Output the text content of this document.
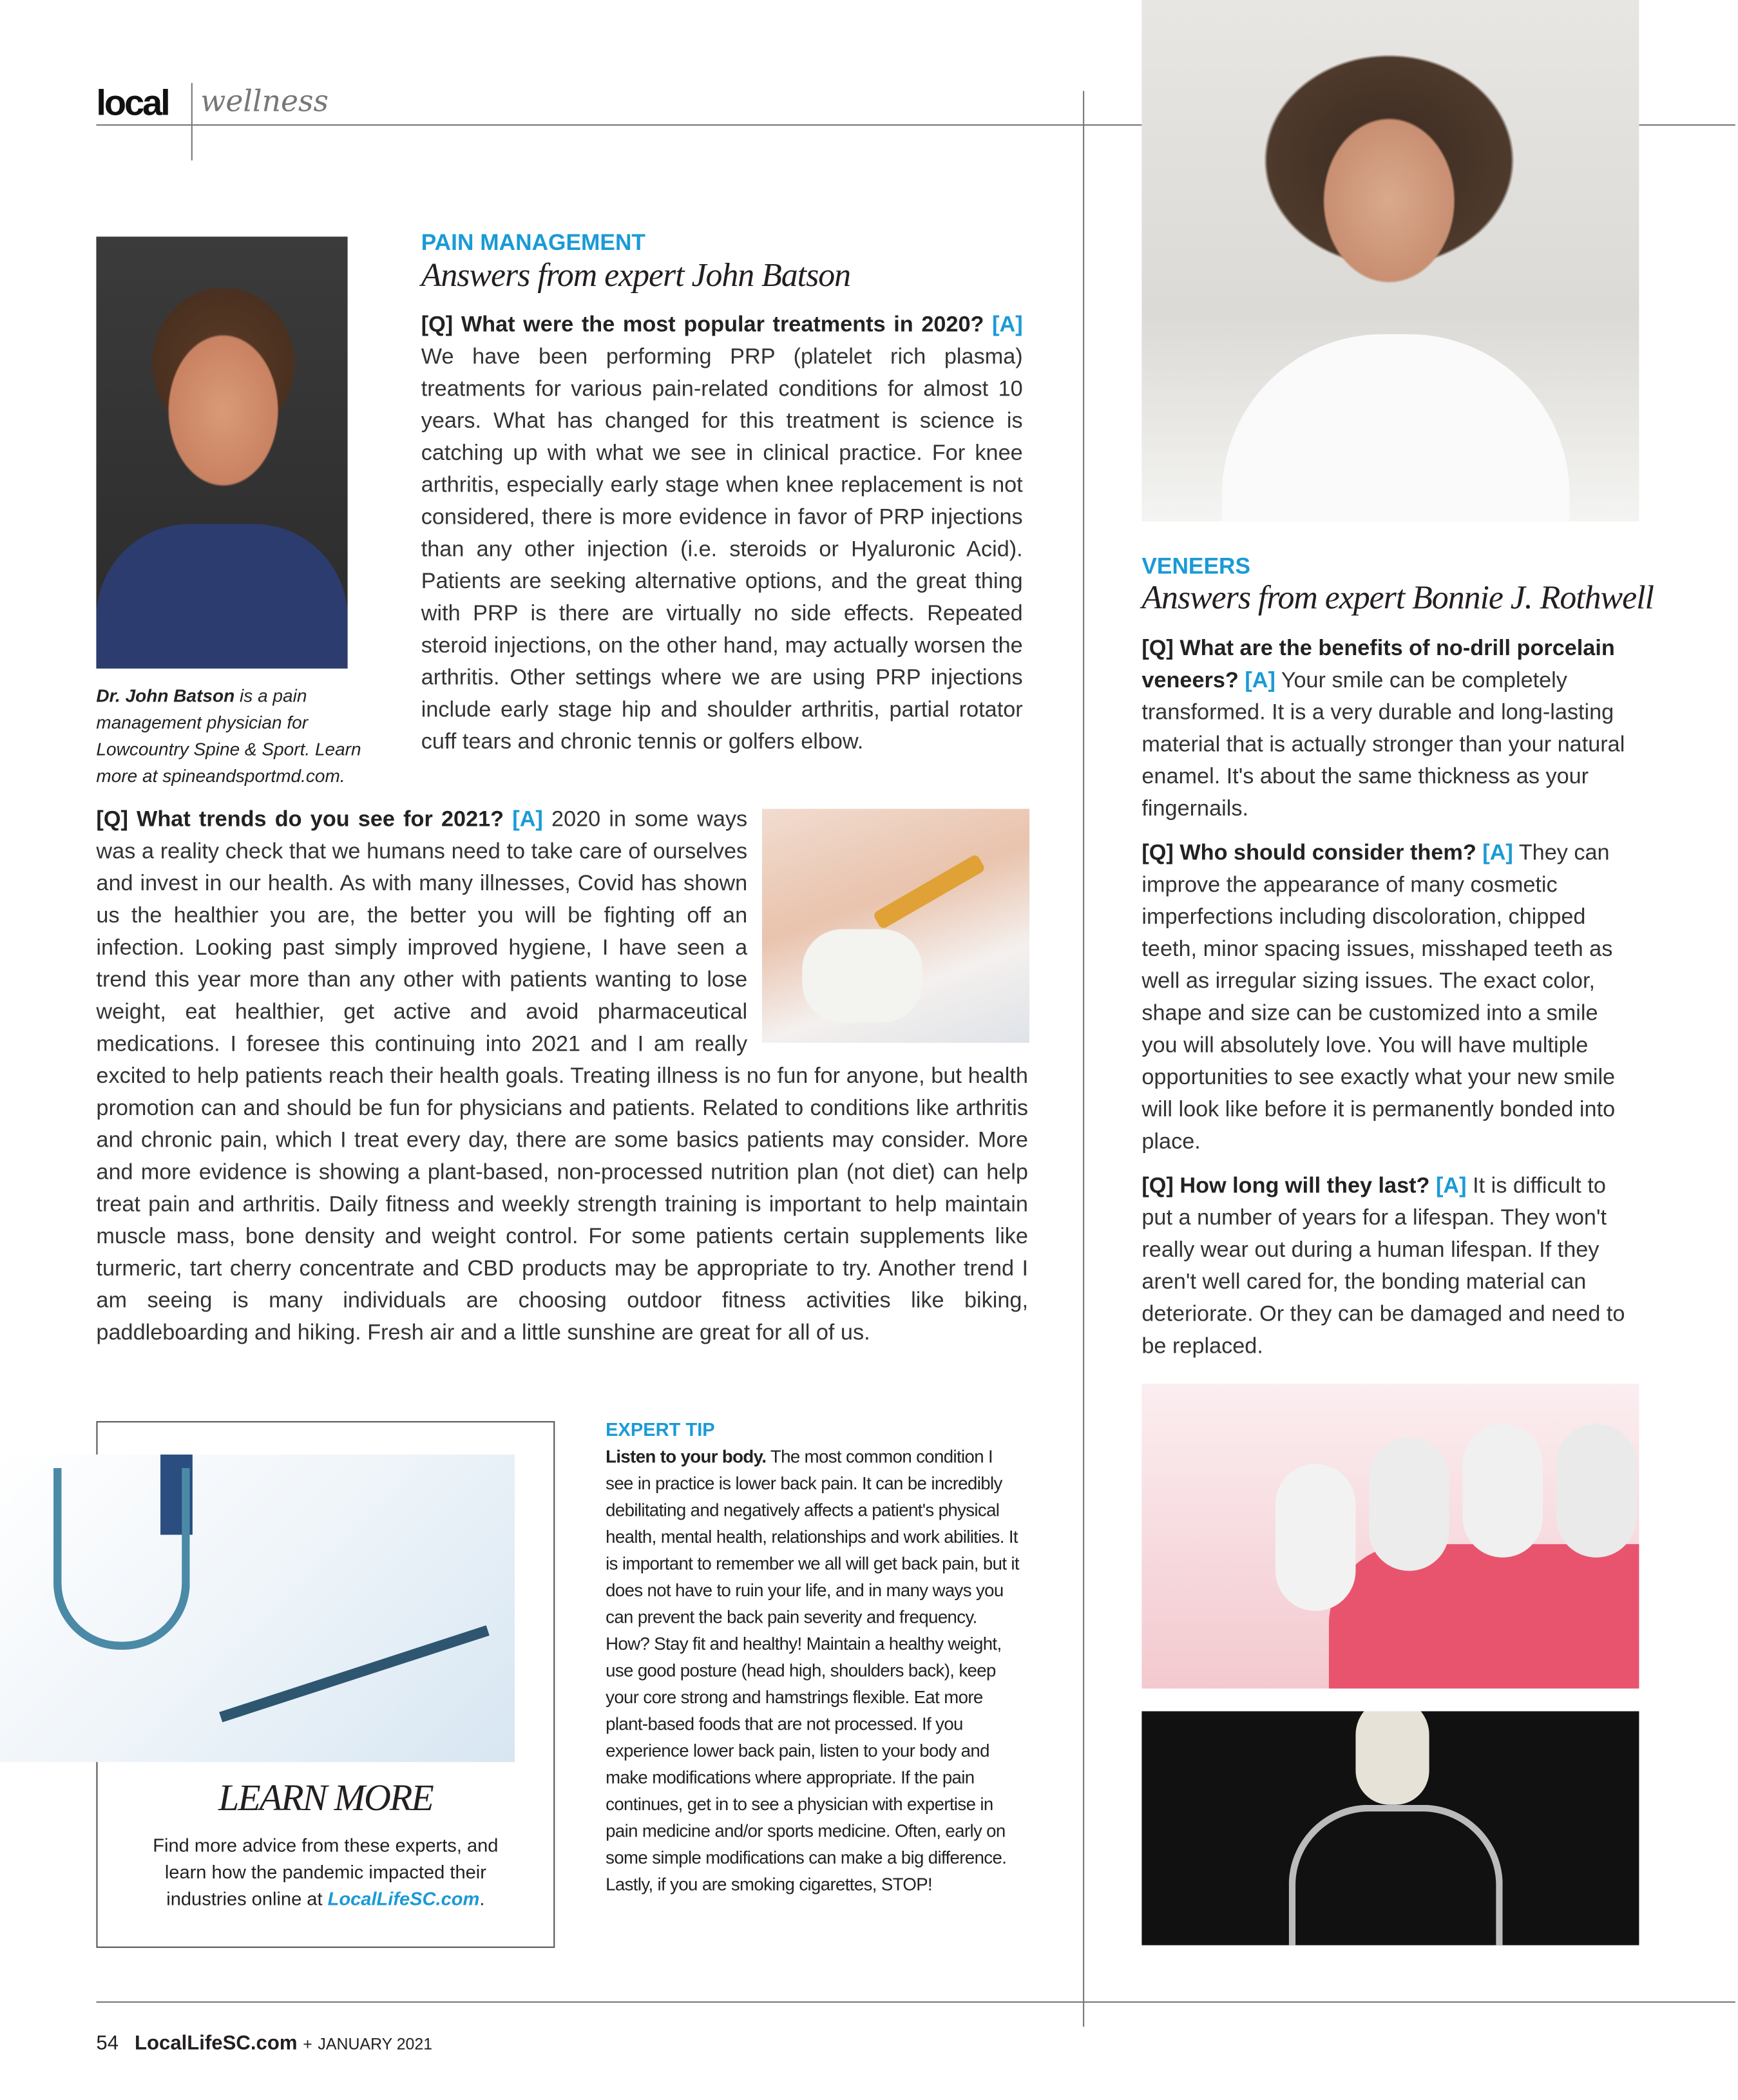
local wellness
Dr. John Batson is a pain management physician for Lowcountry Spine & Sport. Learn more at spineandsportmd.com.
PAIN MANAGEMENT
Answers from expert John Batson
[Q] What were the most popular treatments in 2020? [A] We have been performing PRP (platelet rich plasma) treatments for various pain-related conditions for almost 10 years. What has changed for this treatment is science is catching up with what we see in clinical practice. For knee arthritis, especially early stage when knee replacement is not considered, there is more evidence in favor of PRP injections than any other injection (i.e. steroids or Hyaluronic Acid). Patients are seeking alternative options, and the great thing with PRP is there are virtually no side effects. Repeated steroid injections, on the other hand, may actually worsen the arthritis. Other settings where we are using PRP injections include early stage hip and shoulder arthritis, partial rotator cuff tears and chronic tennis or golfers elbow.
[Q] What trends do you see for 2021? [A] 2020 in some ways was a reality check that we humans need to take care of ourselves and invest in our health. As with many illnesses, Covid has shown us the healthier you are, the better you will be fighting off an infection. Looking past simply improved hygiene, I have seen a trend this year more than any other with patients wanting to lose weight, eat healthier, get active and avoid pharmaceutical medications. I foresee this continuing into 2021 and I am really excited to help patients reach their health goals. Treating illness is no fun for anyone, but health promotion can and should be fun for physicians and patients. Related to conditions like arthritis and chronic pain, which I treat every day, there are some basics patients may consider. More and more evidence is showing a plant-based, non-processed nutrition plan (not diet) can help treat pain and arthritis. Daily fitness and weekly strength training is important to help maintain muscle mass, bone density and weight control. For some patients certain supplements like turmeric, tart cherry concentrate and CBD products may be appropriate to try. Another trend I am seeing is many individuals are choosing outdoor fitness activities like biking, paddleboarding and hiking. Fresh air and a little sunshine are great for all of us.
LEARN MORE
Find more advice from these experts, and learn how the pandemic impacted their industries online at LocalLifeSC.com.
EXPERT TIP
Listen to your body. The most common condition I see in practice is lower back pain. It can be incredibly debilitating and negatively affects a patient's physical health, mental health, relationships and work abilities. It is important to remember we all will get back pain, but it does not have to ruin your life, and in many ways you can prevent the back pain severity and frequency. How? Stay fit and healthy! Maintain a healthy weight, use good posture (head high, shoulders back), keep your core strong and hamstrings flexible. Eat more plant-based foods that are not processed. If you experience lower back pain, listen to your body and make modifications where appropriate. If the pain continues, get in to see a physician with expertise in pain medicine and/or sports medicine. Often, early on some simple modifications can make a big difference. Lastly, if you are smoking cigarettes, STOP!
VENEERS
Answers from expert Bonnie J. Rothwell

[Q] What are the benefits of no-drill porcelain veneers? [A] Your smile can be completely transformed. It is a very durable and long-lasting material that is actually stronger than your natural enamel. It's about the same thickness as your fingernails.

[Q] Who should consider them? [A] They can improve the appearance of many cosmetic imperfections including discoloration, chipped teeth, minor spacing issues, misshaped teeth as well as irregular sizing issues. The exact color, shape and size can be customized into a smile you will absolutely love. You will have multiple opportunities to see exactly what your new smile will look like before it is permanently bonded into place.

[Q] How long will they last? [A] It is difficult to put a number of years for a lifespan. They won't really wear out during a human lifespan. If they aren't well cared for, the bonding material can deteriorate. Or they can be damaged and need to be replaced.

54 LocalLifeSC.com + JANUARY 2021
